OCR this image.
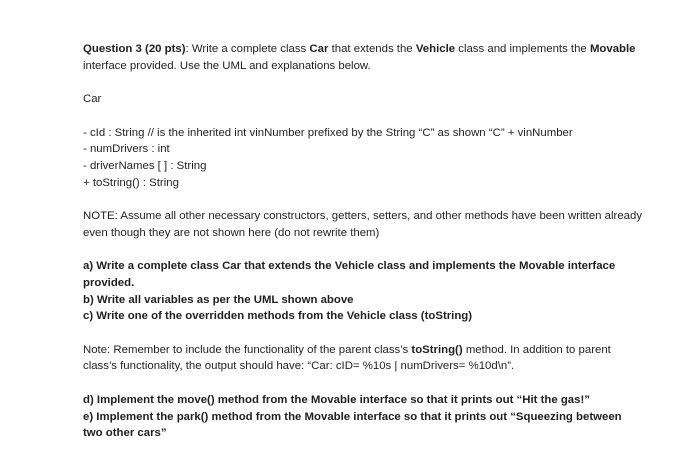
Question 3 (20 pts): Write a complete class Car that extends the Vehicle class and implements the Movable interface provided. Use the UML and explanations below.

Car

- cId : String // is the inherited int vinNumber prefixed by the String “C” as shown “C” + vinNumber

- numDrivers : int

- driverNames [ ] : String

+ toString() : String

NOTE: Assume all other necessary constructors, getters, setters, and other methods have been written already even though they are not shown here (do not rewrite them)

a) Write a complete class Car that extends the Vehicle class and implements the Movable interface provided.

b) Write all variables as per the UML shown above

c) Write one of the overridden methods from the Vehicle class (toString)

Note: Remember to include the functionality of the parent class’s toString() method. In addition to parent class’s functionality, the output should have: “Car: cID= %10s | numDrivers= %10d\n”.

d) Implement the move() method from the Movable interface so that it prints out “Hit the gas!”

e) Implement the park() method from the Movable interface so that it prints out “Squeezing between two other cars”
